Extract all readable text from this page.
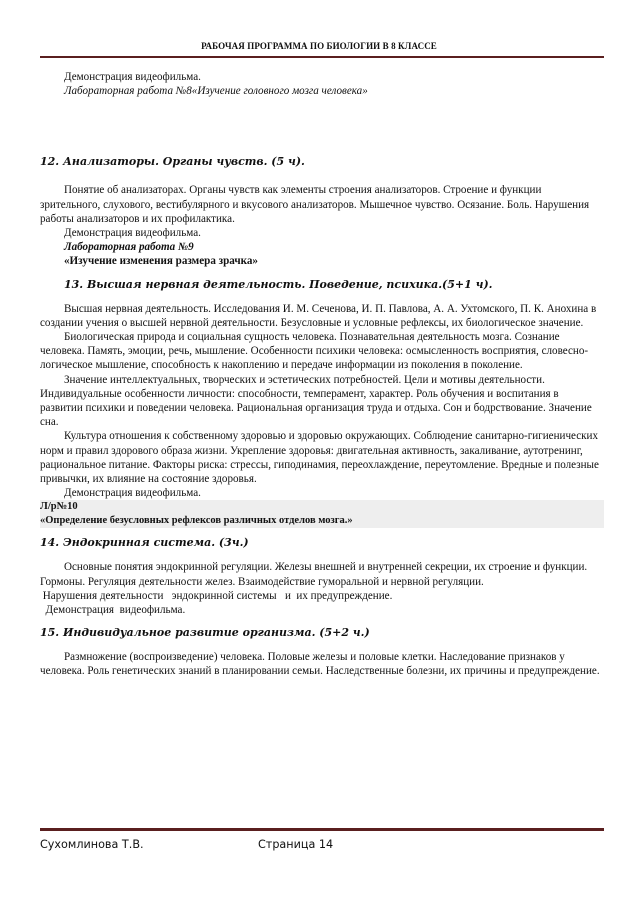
РАБОЧАЯ ПРОГРАММА ПО БИОЛОГИИ В 8 КЛАССЕ

Демонстрация видеофильма.

Лабораторная работа №8«Изучение головного мозга человека»

12. Анализаторы. Органы чувств. (5 ч).

Понятие об анализаторах. Органы чувств как элементы строения анализаторов. Строение и функции зрительного, слухового, вестибулярного и вкусового анализаторов. Мышечное чувство. Осязание. Боль. Нарушения работы анализаторов и их профилактика.

Демонстрация видеофильма.

Лабораторная работа №9

«Изучение изменения размера зрачка»

13. Высшая нервная деятельность. Поведение, психика.(5+1 ч).

Высшая нервная деятельность. Исследования И. М. Сеченова, И. П. Павлова, А. А. Ухтомского, П. К. Анохина в создании учения о высшей нервной деятельности. Безусловные и условные рефлексы, их биологическое значение.

Биологическая природа и социальная сущность человека. Познавательная деятельность мозга. Сознание человека. Память, эмоции, речь, мышление. Особенности психики человека: осмысленность восприятия, словесно-логическое мышление, способность к накоплению и передаче информации из поколения в поколение.

Значение интеллектуальных, творческих и эстетических потребностей. Цели и мотивы деятельности. Индивидуальные особенности личности: способности, темперамент, характер. Роль обучения и воспитания в развитии психики и поведении человека. Рациональная организация труда и отдыха. Сон и бодрствование. Значение сна.

Культура отношения к собственному здоровью и здоровью окружающих. Соблюдение санитарно-гигиенических норм и правил здорового образа жизни. Укрепление здоровья: двигательная активность, закаливание, аутотренинг, рациональное питание. Факторы риска: стрессы, гиподинамия, переохлаждение, переутомление. Вредные и полезные привычки, их влияние на состояние здоровья.

Демонстрация видеофильма.

Л/р№10

«Определение безусловных рефлексов различных отделов мозга.»

14. Эндокринная система. (3ч.)

Основные понятия эндокринной регуляции. Железы внешней и внутренней секреции, их строение и функции. Гормоны. Регуляция деятельности желез. Взаимодействие гуморальной и нервной регуляции.

Нарушения деятельности   эндокринной системы   и  их предупреждение.

Демонстрация  видеофильма.

15. Индивидуальное развитие организма. (5+2 ч.)

Размножение (воспроизведение) человека. Половые железы и половые клетки. Наследование признаков у человека. Роль генетических знаний в планировании семьи. Наследственные болезни, их причины и предупреждение.

Сухомлинова Т.В.	Страница 14
